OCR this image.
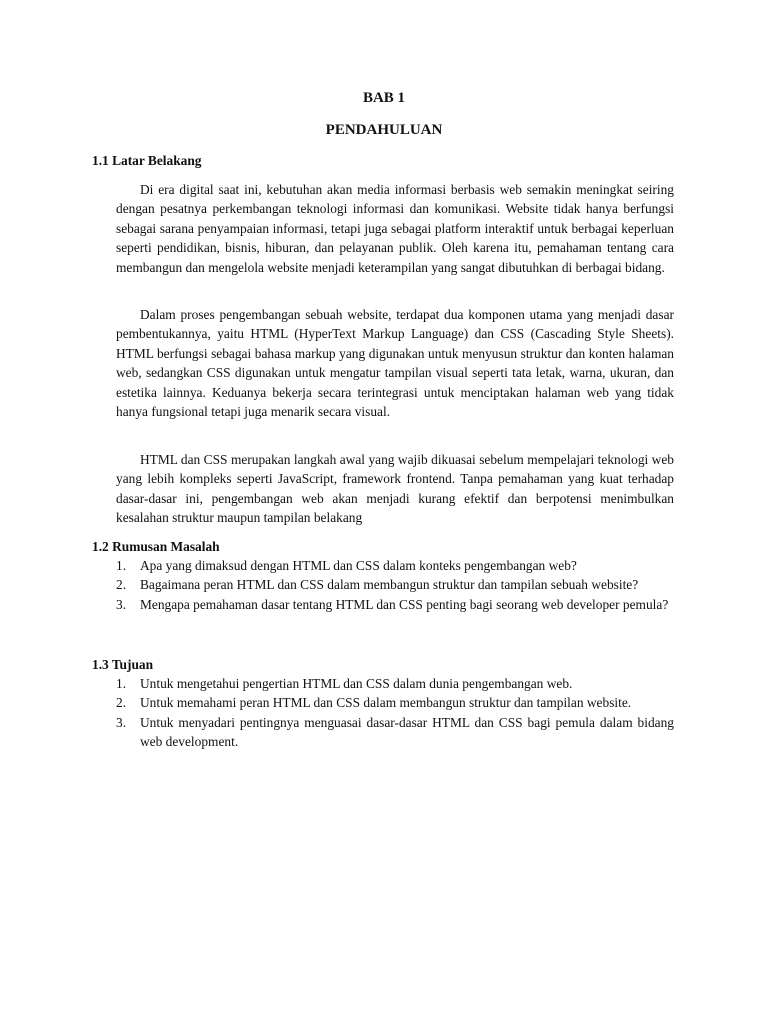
BAB 1
PENDAHULUAN

1.1 Latar Belakang

Di era digital saat ini, kebutuhan akan media informasi berbasis web semakin meningkat seiring dengan pesatnya perkembangan teknologi informasi dan komunikasi. Website tidak hanya berfungsi sebagai sarana penyampaian informasi, tetapi juga sebagai platform interaktif untuk berbagai keperluan seperti pendidikan, bisnis, hiburan, dan pelayanan publik. Oleh karena itu, pemahaman tentang cara membangun dan mengelola website menjadi keterampilan yang sangat dibutuhkan di berbagai bidang.

Dalam proses pengembangan sebuah website, terdapat dua komponen utama yang menjadi dasar pembentukannya, yaitu HTML (HyperText Markup Language) dan CSS (Cascading Style Sheets). HTML berfungsi sebagai bahasa markup yang digunakan untuk menyusun struktur dan konten halaman web, sedangkan CSS digunakan untuk mengatur tampilan visual seperti tata letak, warna, ukuran, dan estetika lainnya. Keduanya bekerja secara terintegrasi untuk menciptakan halaman web yang tidak hanya fungsional tetapi juga menarik secara visual.

HTML dan CSS merupakan langkah awal yang wajib dikuasai sebelum mempelajari teknologi web yang lebih kompleks seperti JavaScript, framework frontend. Tanpa pemahaman yang kuat terhadap dasar-dasar ini, pengembangan web akan menjadi kurang efektif dan berpotensi menimbulkan kesalahan struktur maupun tampilan belakang

1.2 Rumusan Masalah

1. Apa yang dimaksud dengan HTML dan CSS dalam konteks pengembangan web?
2. Bagaimana peran HTML dan CSS dalam membangun struktur dan tampilan sebuah website?
3. Mengapa pemahaman dasar tentang HTML dan CSS penting bagi seorang web developer pemula?

1.3 Tujuan

1. Untuk mengetahui pengertian HTML dan CSS dalam dunia pengembangan web.
2. Untuk memahami peran HTML dan CSS dalam membangun struktur dan tampilan website.
3. Untuk menyadari pentingnya menguasai dasar-dasar HTML dan CSS bagi pemula dalam bidang web development.
